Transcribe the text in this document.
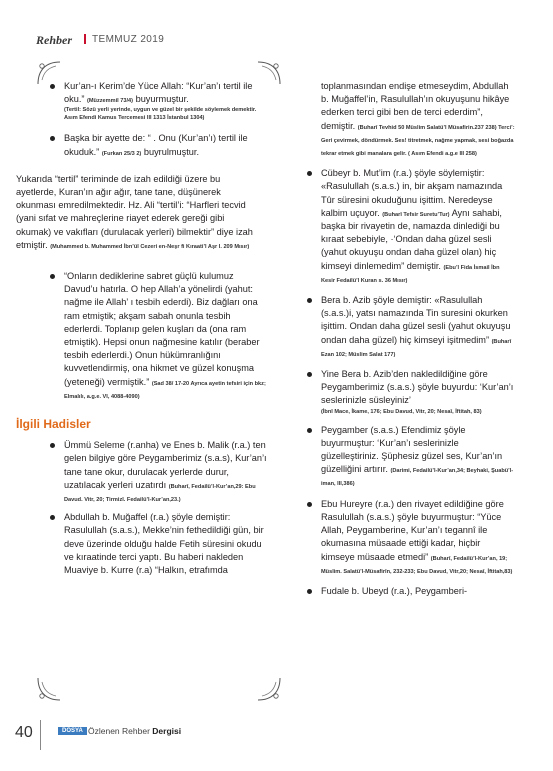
Rehber TEMMUZ 2019
Kur’an-ı Kerim’de Yüce Allah: “Kur’an’ı tertil ile oku.” (Müzzemmil 73/4) buyurmuştur.
(Tertil: Sözü yerli yerinde, uygun ve güzel bir şekilde söylemek demektir. Asım Efendi Kamus Tercemesi III 1313 İstanbul 1304)
Başka bir ayette de: “ . Onu (Kur’an’ı) tertil ile okuduk.” (Furkan 25/3 2) buyrulmuştur.
Yukarıda “tertil” teriminde de izah edildiği üzere bu ayetlerde, Kuran’ın ağır ağır, tane tane, düşünerek okunması emredilmektedir. Hz. Ali “tertil’i: “Harfleri tecvid (yani sıfat ve mahreçlerine riayet ederek gereği gibi okumak) ve vakıfları (durulacak yerleri) bilmektir” diye izah etmiştir. (Muhammed b. Muhammed İbn’ül Cezeri en-Neşr fi Kıraati’l Aşr I. 209 Mısır)
“Onların dediklerine sabret güçlü kulumuz Davud’u hatırla. O hep Allah’a yönelirdi (yahut: nağme ile Allah’ ı tesbih ederdi). Biz dağları ona ram etmiştik; akşam sabah onunla tesbih ederlerdi. Toplanıp gelen kuşları da (ona ram etmiştik). Hepsi onun nağmesine katılır (beraber tesbih ederlerdi.) Onun hükümranlığını kuvvetlendirmiş, ona hikmet ve güzel konuşma (yeteneği) vermiştik.” (Sad 38/ 17-20 Ayrıca ayetin tefsiri için bkz; Elmalılı, a.g.e. VI, 4088-4090)
İlgili Hadisler
Ümmü Seleme (r.anha) ve Enes b. Malik (r.a.) ten gelen bilgiye göre Peygamberimiz (s.a.s), Kur’an’ı tane tane okur, durulacak yerlerde durur, uzatılacak yerleri uzatırdı (Buharî, Fedailü’l-Kur’an,29: Ebu Davud. Vitr, 20; Tirmizî. Fedailü’l-Kur’an,23.)
Abdullah b. Muğaffel (r.a.) şöyle demiştir: Rasulullah (s.a.s.), Mekke’nin fethedildiği gün, bir deve üzerinde olduğu halde Fetih süresini okudu ve kıraatinde terci yaptı. Bu haberi nakleden Muaviye b. Kurre (r.a) “Halkın, etrafımda
toplanmasından endişe etmeseydim, Abdullah b. Muğaffel’in, Rasulullah’ın okuyuşunu hikâye ederken terci gibi ben de terci ederdim”, demiştir. (Buharî Tevhid 50 Müslim Salatü’l Müsafirin.237 238) Terci’: Geri çevirmek, döndürmek. Ses! titretmek, nağme yapmak, sesi boğazda tekrar etmek gibi manalara gelir. ( Asım Efendi a.g.e III 258)
Cübeyr b. Mut’im (r.a.) şöyle söylemiştir: «Rasulullah (s.a.s.) in, bir akşam namazında Tûr süresini okuduğunu işittim. Neredeyse kalbim uçuyor. (Buharî Tefsir Suretu’Tur) Aynı sahabi, başka bir rivayetin de, namazda dinlediği bu kıraat sebebiyle, ·‘Ondan daha güzel sesli (yahut okuyuşu ondan daha güzel olan) hiç kimseyi dinlemedim” demiştir. (Ebu’l Fida İsmail İbn Kesir Fedailü’l Kuran s. 36 Mısır)
Bera b. Azib şöyle demiştir: «Rasulullah (s.a.s.)i, yatsı namazında Tin suresini okurken işittim. Ondan daha güzel sesli (yahut okuyuşu ondan daha güzel) hiç kimseyi işitmedim” (Buharî Ezan 102; Müslim Salat 177)
Yine Bera b. Azib’den nakledildiğine göre Peygamberimiz (s.a.s.) şöyle buyurdu: ‘Kur’an’ı seslerinizle süsleyiniz’
(İbnî Mace, İkame, 176; Ebu Davud, Vitr, 20; Nesaî, İftitah, 83)
Peygamber (s.a.s.) Efendimiz şöyle buyurmuştur: ‘Kur’an’ı seslerinizle güzelleştiriniz. Şüphesiz güzel ses, Kur’an’ın güzelliğini artırır. (Darimi, Fedailü’l-Kur’an,34; Beyhaki, Şuabü’l-iman, III,386)
Ebu Hureyre (r.a.) den rivayet edildiğine göre Rasulullah (s.a.s.) şöyle buyurmuştur: “Yüce Allah, Peygamberine, Kur’an’ı tegannî ile okumasına müsaade ettiği kadar, hiçbir kimseye müsaade etmedi” (Buharî, Fedailü’l-Kur’an, 19; Müslim. Salatü’l-Müsafirîn, 232-233; Ebu Davud, Vitr,20; Nesaî, İftitah,83)
Fudale b. Ubeyd (r.a.), Peygamberi-
40	DOSYA Özlenen Rehber Dergisi
